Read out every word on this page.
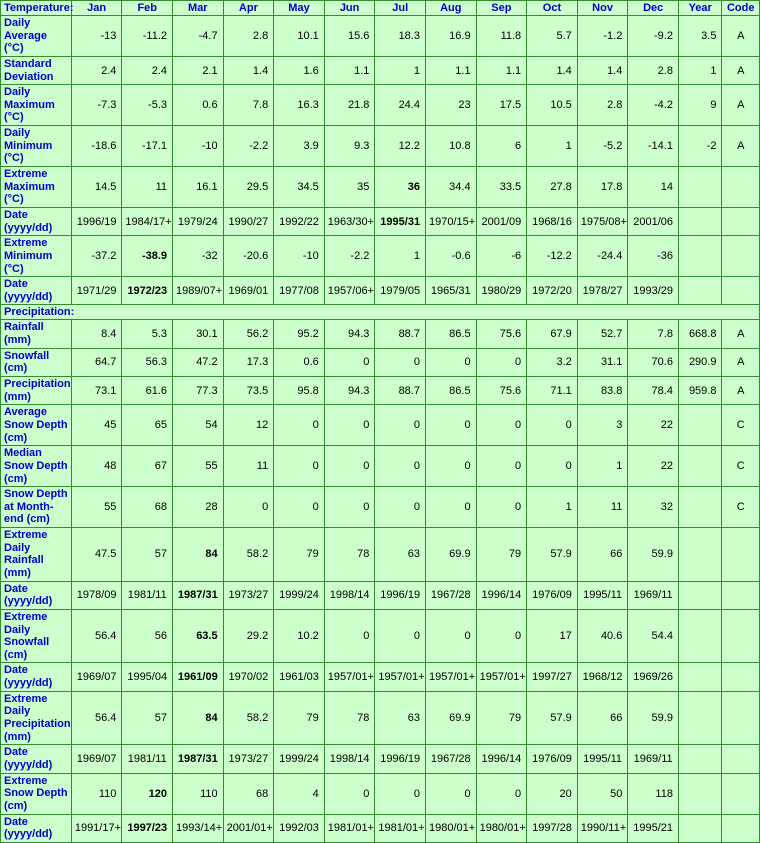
Temperature:	Jan	Feb	Mar	Apr	May	Jun	Jul	Aug	Sep	Oct	Nov	Dec	Year	Code
Daily Average (°C)	-13	-11.2	-4.7	2.8	10.1	15.6	18.3	16.9	11.8	5.7	-1.2	-9.2	3.5	A
Standard Deviation	2.4	2.4	2.1	1.4	1.6	1.1	1	1.1	1.1	1.4	1.4	2.8	1	A
Daily Maximum (°C)	-7.3	-5.3	0.6	7.8	16.3	21.8	24.4	23	17.5	10.5	2.8	-4.2	9	A
Daily Minimum (°C)	-18.6	-17.1	-10	-2.2	3.9	9.3	12.2	10.8	6	1	-5.2	-14.1	-2	A
Extreme Maximum (°C)	14.5	11	16.1	29.5	34.5	35	36	34.4	33.5	27.8	17.8	14		
Date (yyyy/dd)	1996/19	1984/17+	1979/24	1990/27	1992/22	1963/30+	1995/31	1970/15+	2001/09	1968/16	1975/08+	2001/06		
Extreme Minimum (°C)	-37.2	-38.9	-32	-20.6	-10	-2.2	1	-0.6	-6	-12.2	-24.4	-36		
Date (yyyy/dd)	1971/29	1972/23	1989/07+	1969/01	1977/08	1957/06+	1979/05	1965/31	1980/29	1972/20	1978/27	1993/29		
Precipitation:														
Rainfall (mm)	8.4	5.3	30.1	56.2	95.2	94.3	88.7	86.5	75.6	67.9	52.7	7.8	668.8	A
Snowfall (cm)	64.7	56.3	47.2	17.3	0.6	0	0	0	0	3.2	31.1	70.6	290.9	A
Precipitation (mm)	73.1	61.6	77.3	73.5	95.8	94.3	88.7	86.5	75.6	71.1	83.8	78.4	959.8	A
Average Snow Depth (cm)	45	65	54	12	0	0	0	0	0	0	3	22		C
Median Snow Depth (cm)	48	67	55	11	0	0	0	0	0	0	1	22		C
Snow Depth at Month-end (cm)	55	68	28	0	0	0	0	0	0	1	11	32		C
Extreme Daily Rainfall (mm)	47.5	57	84	58.2	79	78	63	69.9	79	57.9	66	59.9		
Date (yyyy/dd)	1978/09	1981/11	1987/31	1973/27	1999/24	1998/14	1996/19	1967/28	1996/14	1976/09	1995/11	1969/11		
Extreme Daily Snowfall (cm)	56.4	56	63.5	29.2	10.2	0	0	0	0	17	40.6	54.4		
Date (yyyy/dd)	1969/07	1995/04	1961/09	1970/02	1961/03	1957/01+	1957/01+	1957/01+	1957/01+	1997/27	1968/12	1969/26		
Extreme Daily Precipitation (mm)	56.4	57	84	58.2	79	78	63	69.9	79	57.9	66	59.9		
Date (yyyy/dd)	1969/07	1981/11	1987/31	1973/27	1999/24	1998/14	1996/19	1967/28	1996/14	1976/09	1995/11	1969/11		
Extreme Snow Depth (cm)	110	120	110	68	4	0	0	0	0	20	50	118		
Date (yyyy/dd)	1991/17+	1997/23	1993/14+	2001/01+	1992/03	1981/01+	1981/01+	1980/01+	1980/01+	1997/28	1990/11+	1995/21		
